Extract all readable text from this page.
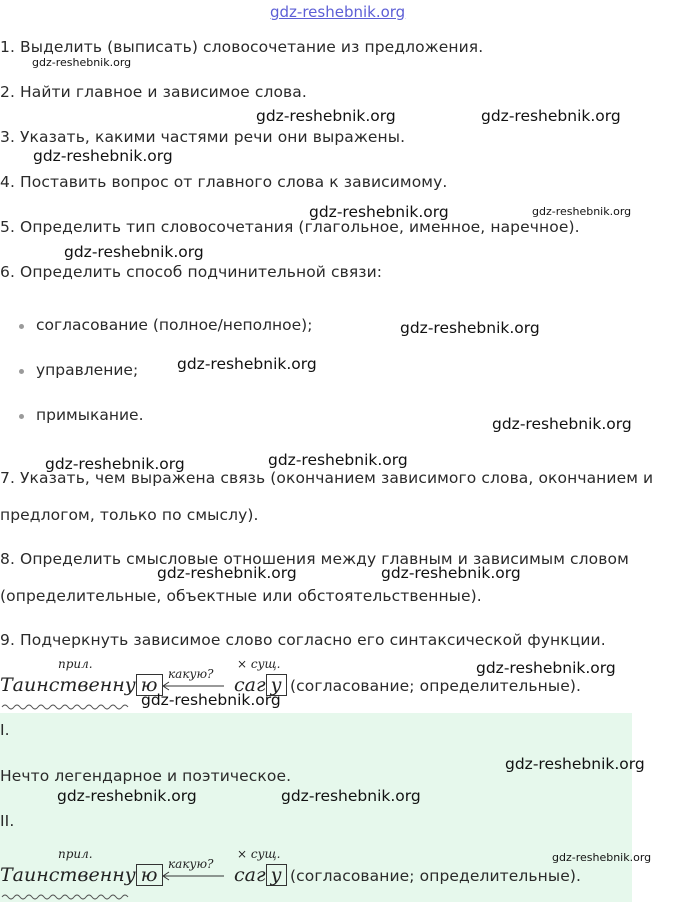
gdz-reshebnik.org
1. Выделить (выписать) словосочетание из предложения.
2. Найти главное и зависимое слова.
3. Указать, какими частями речи они выражены.
4. Поставить вопрос от главного слова к зависимому.
5. Определить тип словосочетания (глагольное, именное, наречное).
6. Определить способ подчинительной связи:
согласование (полное/неполное);
управление;
примыкание.
7. Указать, чем выражена связь (окончанием зависимого слова, окончанием и
предлогом, только по смыслу).
8. Определить смысловые отношения между главным и зависимым словом
(определительные, объектные или обстоятельственные).
9. Подчеркнуть зависимое слово согласно его синтаксической функции.
прил.
какую?
× сущ.
Таинственну ю	саг у (согласование; определительные).
I.
Нечто легендарное и поэтическое.
II.
прил.
какую?
× сущ.
Таинственну ю	саг у (согласование; определительные).
gdz-reshebnik.org
gdz-reshebnik.org	gdz-reshebnik.org
gdz-reshebnik.org
gdz-reshebnik.org	gdz-reshebnik.org
gdz-reshebnik.org
gdz-reshebnik.org
gdz-reshebnik.org
gdz-reshebnik.org
gdz-reshebnik.org	gdz-reshebnik.org
gdz-reshebnik.org	gdz-reshebnik.org
gdz-reshebnik.org
gdz-reshebnik.org
gdz-reshebnik.org
gdz-reshebnik.org	gdz-reshebnik.org
gdz-reshebnik.org
